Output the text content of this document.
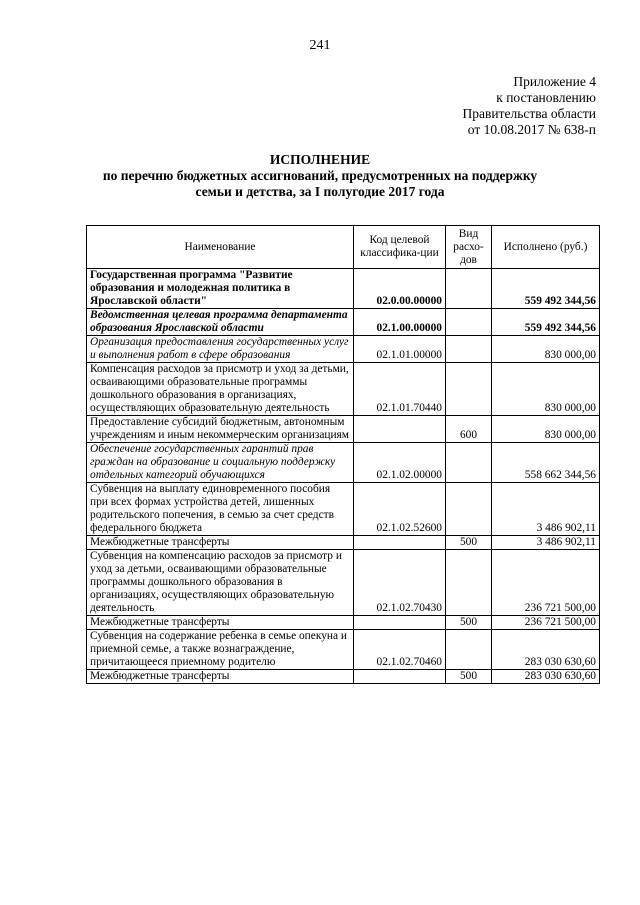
241
Приложение 4
к постановлению
Правительства области
от 10.08.2017 № 638-п
ИСПОЛНЕНИЕ
по перечню бюджетных ассигнований, предусмотренных на поддержку
семьи и детства, за I полугодие 2017 года
Наименование	Код целевой классифика-ции	Вид расхо-дов	Исполнено (руб.)
Государственная программа "Развитие образования и молодежная политика в Ярославской области"	02.0.00.00000		559 492 344,56
Ведомственная целевая программа департамента образования Ярославской области	02.1.00.00000		559 492 344,56
Организация предоставления государственных услуг и выполнения работ в сфере образования	02.1.01.00000		830 000,00
Компенсация расходов за присмотр и уход за детьми, осваивающими образовательные программы дошкольного образования в организациях, осуществляющих образовательную деятельность	02.1.01.70440		830 000,00
Предоставление субсидий бюджетным, автономным учреждениям и иным некоммерческим организациям		600	830 000,00
Обеспечение государственных гарантий прав граждан на образование и социальную поддержку отдельных категорий обучающихся	02.1.02.00000		558 662 344,56
Субвенция на выплату единовременного пособия при всех формах устройства детей, лишенных родительского попечения, в семью за счет средств федерального бюджета	02.1.02.52600		3 486 902,11
Межбюджетные трансферты		500	3 486 902,11
Субвенция на компенсацию расходов за присмотр и уход за детьми, осваивающими образовательные программы дошкольного образования в организациях, осуществляющих образовательную деятельность	02.1.02.70430		236 721 500,00
Межбюджетные трансферты		500	236 721 500,00
Субвенция на содержание ребенка в семье опекуна и приемной семье, а также вознаграждение, причитающееся приемному родителю	02.1.02.70460		283 030 630,60
Межбюджетные трансферты		500	283 030 630,60
